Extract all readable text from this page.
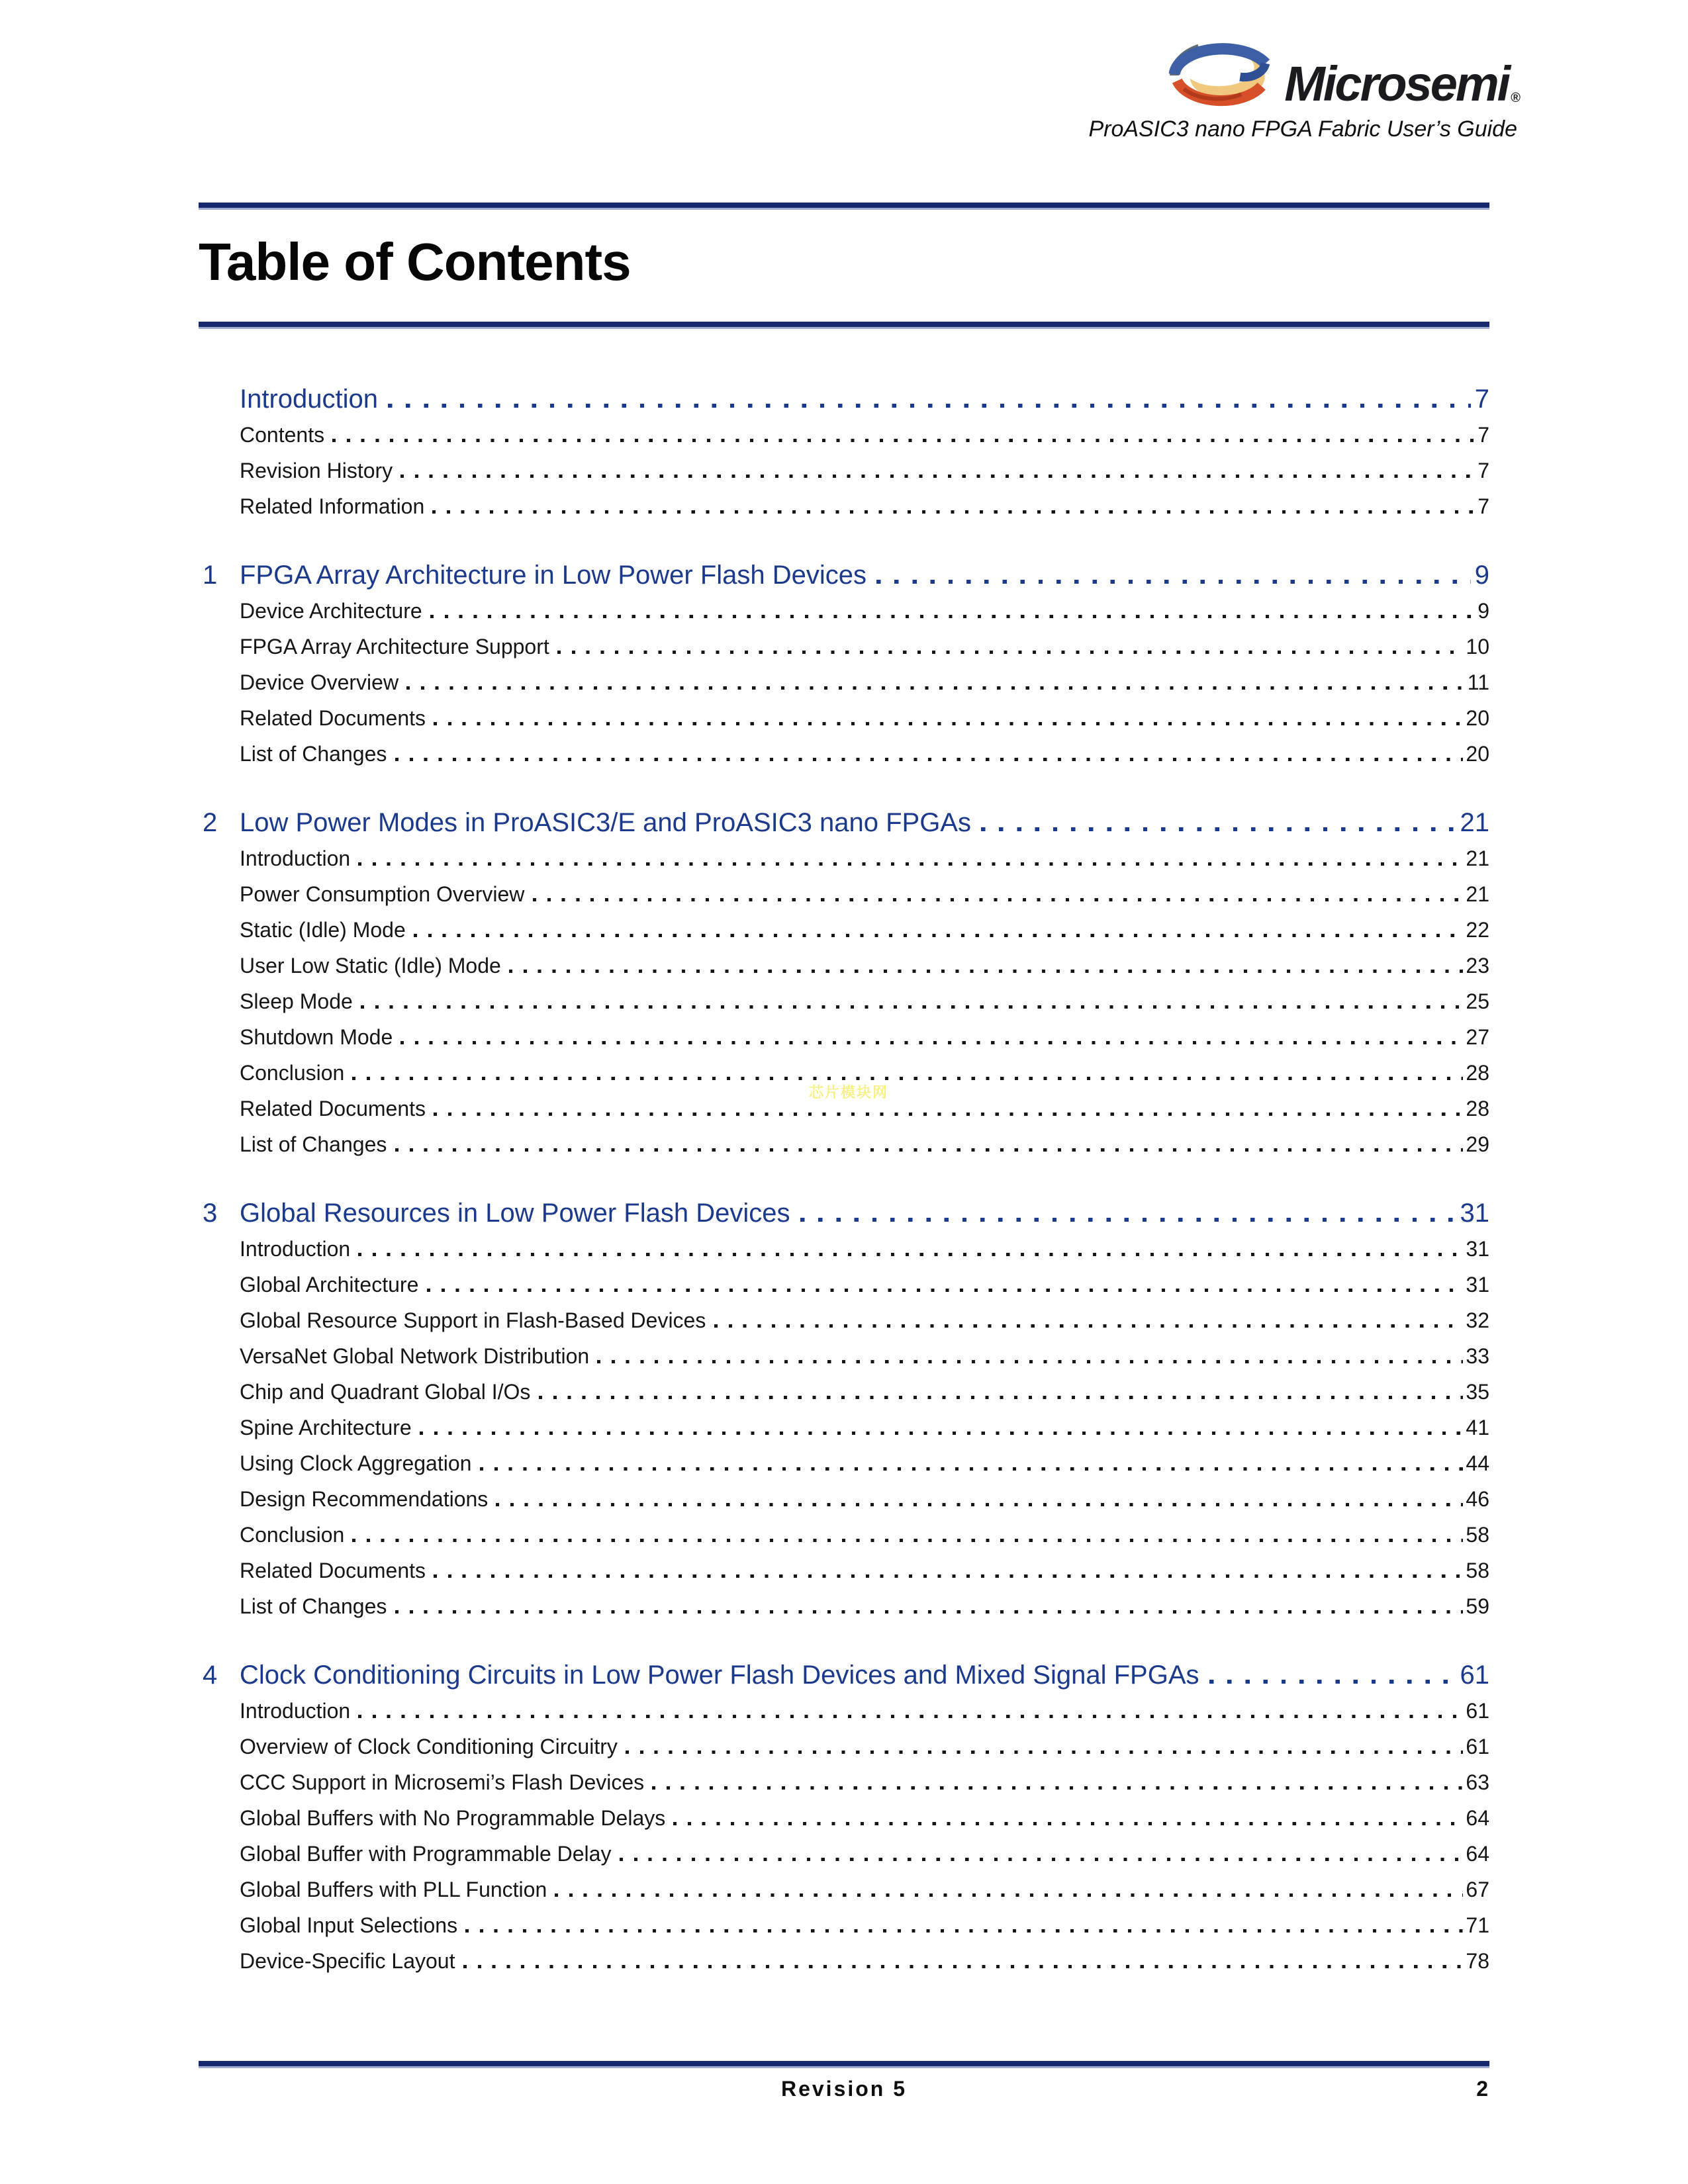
Microsemi ®
ProASIC3 nano FPGA Fabric User’s Guide
Table of Contents
Introduction	7
Contents	7
Revision History	7
Related Information	7
1 FPGA Array Architecture in Low Power Flash Devices	9
Device Architecture	9
FPGA Array Architecture Support	10
Device Overview	11
Related Documents	20
List of Changes	20
2 Low Power Modes in ProASIC3/E and ProASIC3 nano FPGAs	21
Introduction	21
Power Consumption Overview	21
Static (Idle) Mode	22
User Low Static (Idle) Mode	23
Sleep Mode	25
Shutdown Mode	27
Conclusion	28
Related Documents	28
List of Changes	29
3 Global Resources in Low Power Flash Devices	31
Introduction	31
Global Architecture	31
Global Resource Support in Flash-Based Devices	32
VersaNet Global Network Distribution	33
Chip and Quadrant Global I/Os	35
Spine Architecture	41
Using Clock Aggregation	44
Design Recommendations	46
Conclusion	58
Related Documents	58
List of Changes	59
4 Clock Conditioning Circuits in Low Power Flash Devices and Mixed Signal FPGAs	61
Introduction	61
Overview of Clock Conditioning Circuitry	61
CCC Support in Microsemi’s Flash Devices	63
Global Buffers with No Programmable Delays	64
Global Buffer with Programmable Delay	64
Global Buffers with PLL Function	67
Global Input Selections	71
Device-Specific Layout	78
芯片模块网
Revision 5	2
